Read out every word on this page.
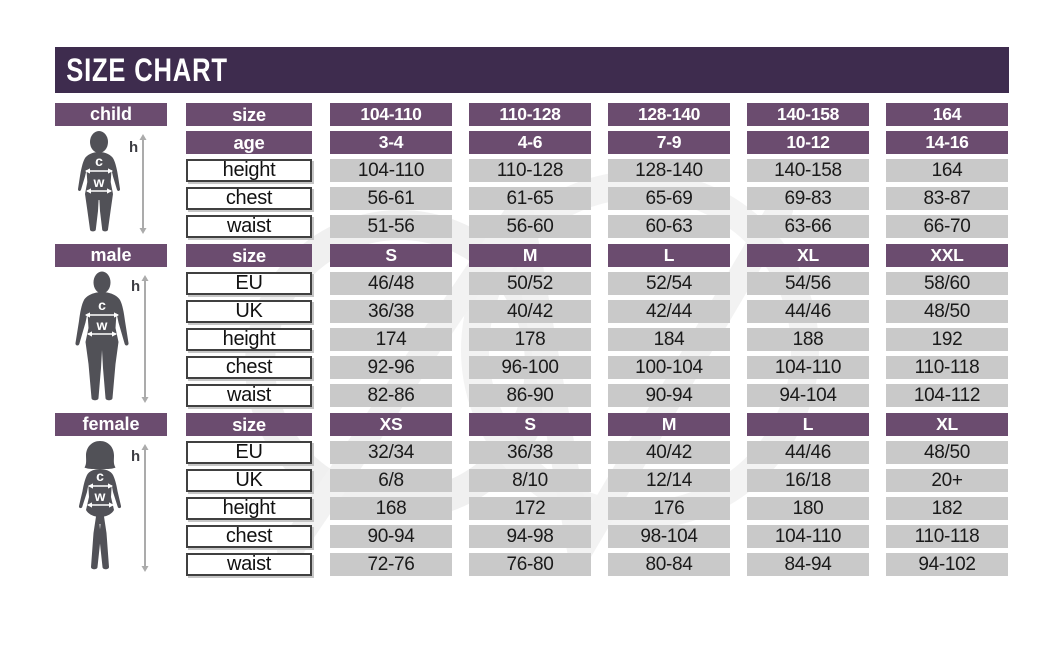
SIZE CHART
child
h
c
w
size	104-110	110-128	128-140	140-158	164
age	3-4	4-6	7-9	10-12	14-16
height	104-110	110-128	128-140	140-158	164
chest	56-61	61-65	65-69	69-83	83-87
waist	51-56	56-60	60-63	63-66	66-70
male
h
c
w
size	S	M	L	XL	XXL
EU	46/48	50/52	52/54	54/56	58/60
UK	36/38	40/42	42/44	44/46	48/50
height	174	178	184	188	192
chest	92-96	96-100	100-104	104-110	110-118
waist	82-86	86-90	90-94	94-104	104-112
female
h
c
w
size	XS	S	M	L	XL
EU	32/34	36/38	40/42	44/46	48/50
UK	6/8	8/10	12/14	16/18	20+
height	168	172	176	180	182
chest	90-94	94-98	98-104	104-110	110-118
waist	72-76	76-80	80-84	84-94	94-102
